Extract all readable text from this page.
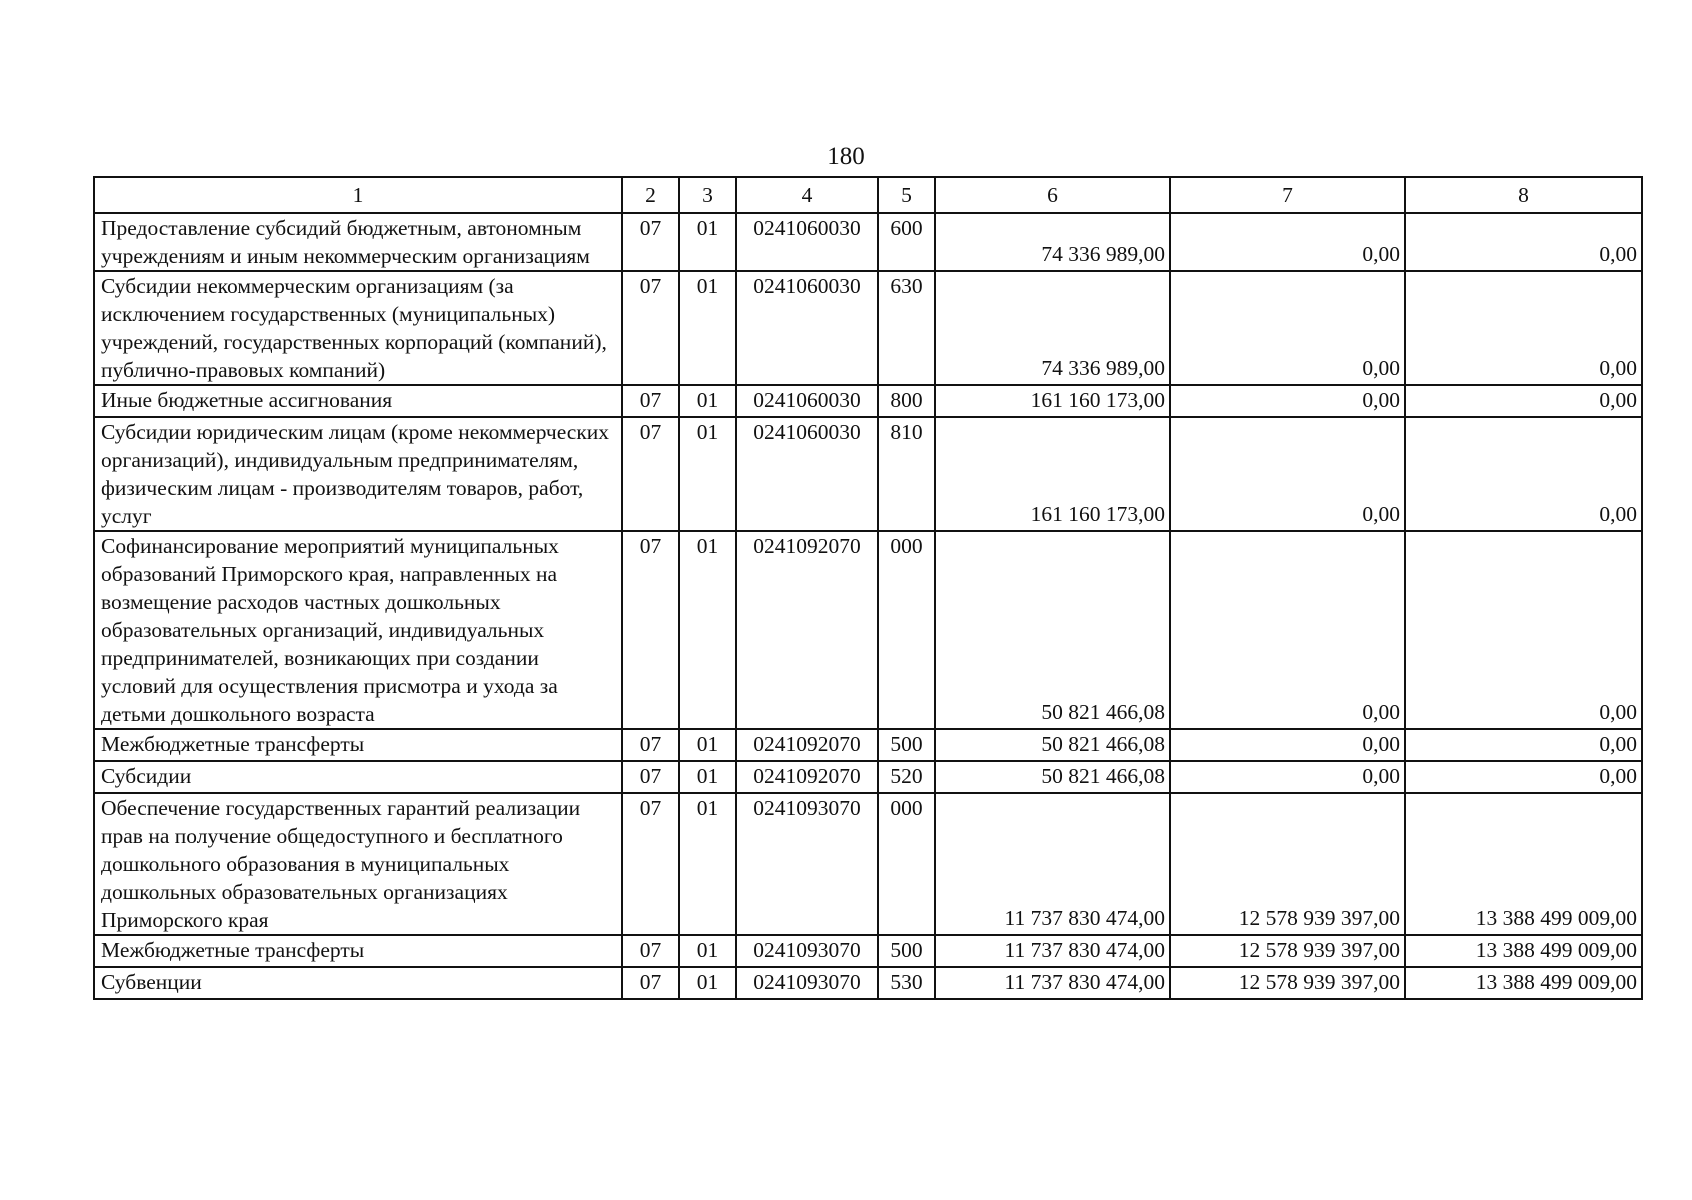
180
1	2	3	4	5	6	7	8
Предоставление субсидий бюджетным, автономным учреждениям и иным некоммерческим организациям	07	01	0241060030	600	74 336 989,00	0,00	0,00
Субсидии некоммерческим организациям (за исключением государственных (муниципальных) учреждений, государственных корпораций (компаний), публично-правовых компаний)	07	01	0241060030	630	74 336 989,00	0,00	0,00
Иные бюджетные ассигнования	07	01	0241060030	800	161 160 173,00	0,00	0,00
Субсидии юридическим лицам (кроме некоммерческих организаций), индивидуальным предпринимателям, физическим лицам - производителям товаров, работ, услуг	07	01	0241060030	810	161 160 173,00	0,00	0,00
Софинансирование мероприятий муниципальных образований Приморского края, направленных на возмещение расходов частных дошкольных образовательных организаций, индивидуальных предпринимателей, возникающих при создании условий для осуществления присмотра и ухода за детьми дошкольного возраста	07	01	0241092070	000	50 821 466,08	0,00	0,00
Межбюджетные трансферты	07	01	0241092070	500	50 821 466,08	0,00	0,00
Субсидии	07	01	0241092070	520	50 821 466,08	0,00	0,00
Обеспечение государственных гарантий реализации прав на получение общедоступного и бесплатного дошкольного образования в муниципальных дошкольных образовательных организациях Приморского края	07	01	0241093070	000	11 737 830 474,00	12 578 939 397,00	13 388 499 009,00
Межбюджетные трансферты	07	01	0241093070	500	11 737 830 474,00	12 578 939 397,00	13 388 499 009,00
Субвенции	07	01	0241093070	530	11 737 830 474,00	12 578 939 397,00	13 388 499 009,00
